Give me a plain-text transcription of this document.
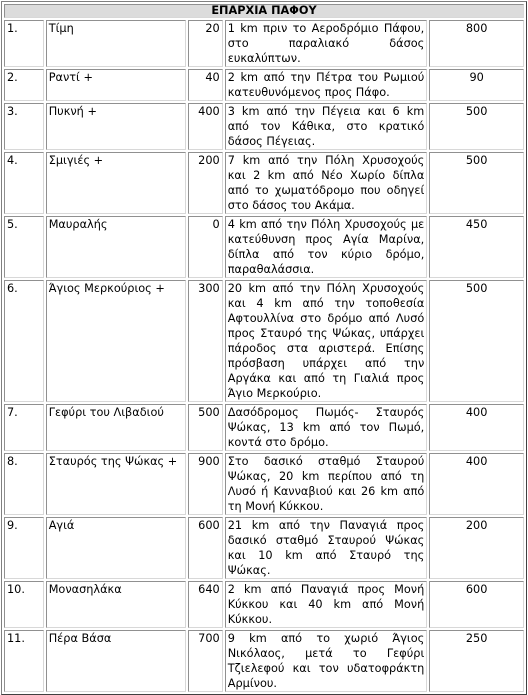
ΕΠΑΡΧΙΑ ΠΑΦΟΥ				
1.	Τίμη	20	1 km πριν το Αεροδρόμιο Πάφου, στο παραλιακό δάσος ευκαλύπτων.	800
2.	Ραντί +	40	2 km από την Πέτρα του Ρωμιού κατευθυνόμενος προς Πάφο.	90
3.	Πυκνή +	400	3 km από την Πέγεια και 6 km από τον Κάθικα, στο κρατικό δάσος Πέγειας.	500
4.	Σμιγιές +	200	7 km από την Πόλη Χρυσοχούς και 2 km από Νέο Χωρίο δίπλα από το χωματόδρομο που οδηγεί στο δάσος του Ακάμα.	500
5.	Μαυραλής	0	4 km από την Πόλη Χρυσοχούς με κατεύθυνση προς Αγία Μαρίνα, δίπλα από τον κύριο δρόμο, παραθαλάσσια.	450
6.	Άγιος Μερκούριος +	300	20 km από την Πόλη Χρυσοχούς και 4 km από την τοποθεσία Αφτουλλίνα στο δρόμο από Λυσό προς Σταυρό της Ψώκας, υπάρχει πάροδος στα αριστερά. Επίσης πρόσβαση υπάρχει από την Αργάκα και από τη Γιαλιά προς Άγιο Μερκούριο.	500
7.	Γεφύρι του Λιβαδιού	500	Δασόδρομος Πωμός- Σταυρός Ψώκας, 13 km από τον Πωμό, κοντά στο δρόμο.	400
8.	Σταυρός της Ψώκας +	900	Στο δασικό σταθμό Σταυρού Ψώκας, 20 km περίπου από τη Λυσό ή Κανναβιού και 26 km από τη Μονή Κύκκου.	400
9.	Αγιά	600	21 km από την Παναγιά προς δασικό σταθμό Σταυρού Ψώκας και 10 km από Σταυρό της Ψώκας.	200
10.	Μονασηλάκα	640	2 km από Παναγιά προς Μονή Κύκκου και 40 km από Μονή Κύκκου.	600
11.	Πέρα Βάσα	700	9 km από το χωριό Άγιος Νικόλαος, μετά το Γεφύρι Τζιελεφού και τον υδατοφράκτη Αρμίνου.	250
